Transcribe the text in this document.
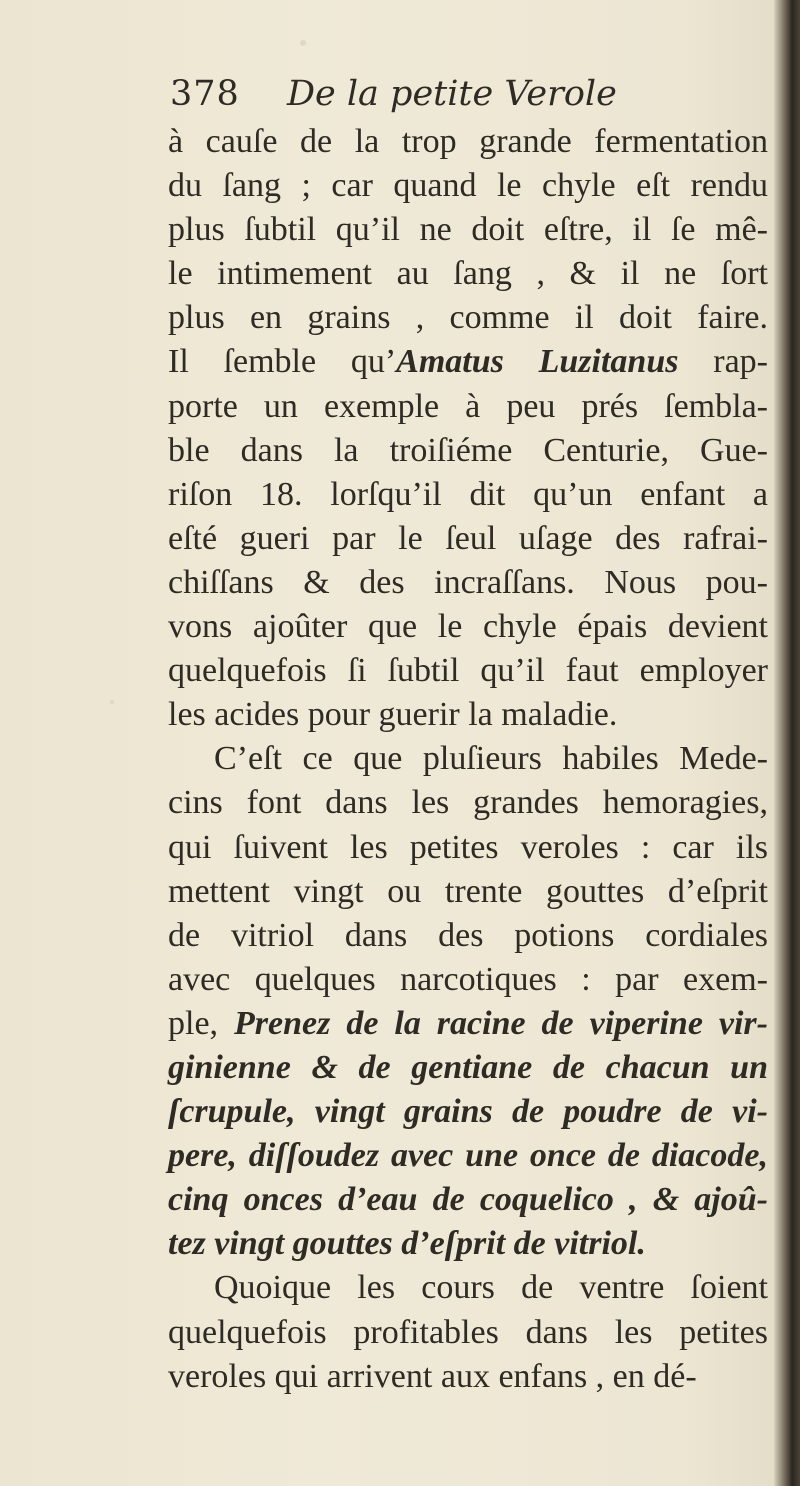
378 De la petite Verole
à cauſe de la trop grande fermentation
du ſang ; car quand le chyle eſt rendu
plus ſubtil qu’il ne doit eſtre, il ſe mê-
le intimement au ſang , & il ne ſort
plus en grains , comme il doit faire.
Il ſemble qu’Amatus Luzitanus rap-
porte un exemple à peu prés ſembla-
ble dans la troiſiéme Centurie, Gue-
riſon 18. lorſqu’il dit qu’un enfant a
eſté gueri par le ſeul uſage des rafrai-
chiſſans & des incraſſans. Nous pou-
vons ajoûter que le chyle épais devient
quelquefois ſi ſubtil qu’il faut employer
les acides pour guerir la maladie.
C’eſt ce que pluſieurs habiles Mede-
cins font dans les grandes hemoragies,
qui ſuivent les petites veroles : car ils
mettent vingt ou trente gouttes d’eſprit
de vitriol dans des potions cordiales
avec quelques narcotiques : par exem-
ple, Prenez de la racine de viperine vir-
ginienne & de gentiane de chacun un
ſcrupule, vingt grains de poudre de vi-
pere, diſſoudez avec une once de diacode,
cinq onces d’eau de coquelico , & ajoû-
tez vingt gouttes d’eſprit de vitriol.
Quoique les cours de ventre ſoient
quelquefois profitables dans les petites
veroles qui arrivent aux enfans , en dé-
